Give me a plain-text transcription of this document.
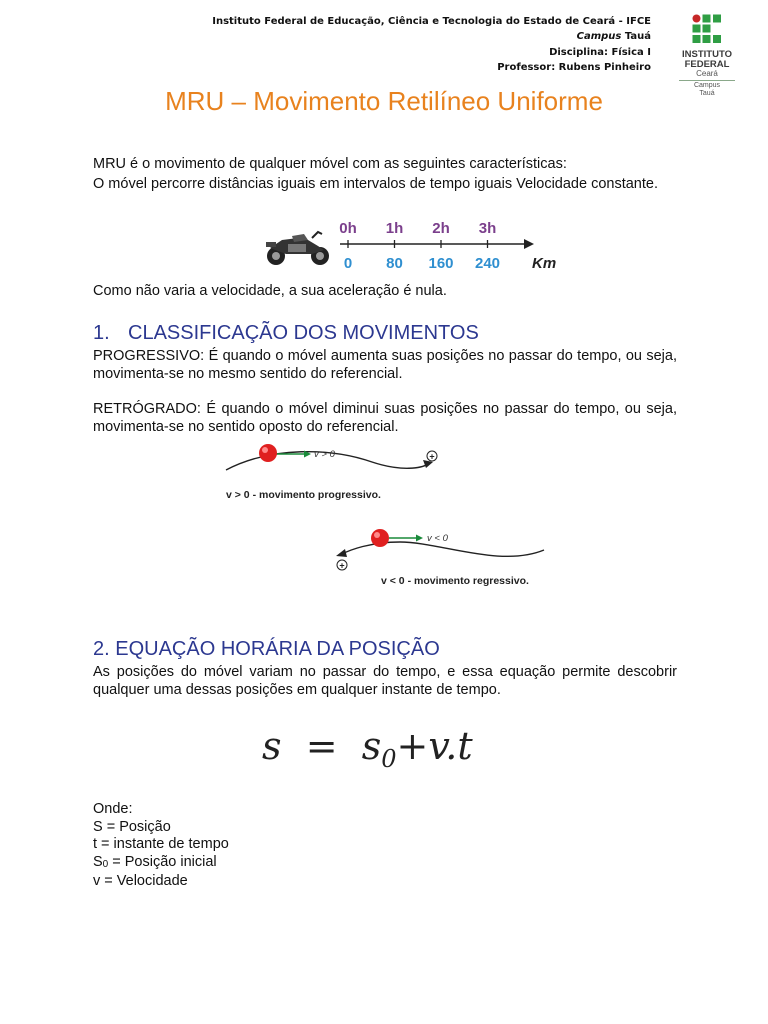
Instituto Federal de Educação, Ciência e Tecnologia do Estado de Ceará - IFCE
Campus Tauá
Disciplina: Física I
Professor: Rubens Pinheiro
INSTITUTO
FEDERAL
Ceará
Campus
Tauá
MRU – Movimento Retilíneo Uniforme
MRU é o movimento de qualquer móvel com as seguintes características:
O móvel percorre distâncias iguais em intervalos de tempo iguais Velocidade constante.
0h
0
1h
80
2h
160
3h
240 Km
Como não varia a velocidade, a sua aceleração é nula.
1. CLASSIFICAÇÃO DOS MOVIMENTOS
PROGRESSIVO: É quando o móvel aumenta suas posições no passar do tempo, ou seja, movimenta-se no mesmo sentido do referencial.
RETRÓGRADO: É quando o móvel diminui suas posições no passar do tempo, ou seja, movimenta-se no sentido oposto do referencial.
v > 0	+
v > 0 - movimento progressivo.
v < 0
+
v < 0 - movimento regressivo.
2. EQUAÇÃO HORÁRIA DA POSIÇÃO
As posições do móvel variam no passar do tempo, e essa equação permite descobrir qualquer uma dessas posições em qualquer instante de tempo.
$s = s_0+v.t$
Onde:
S = Posição
t = instante de tempo
$S_0$ = Posição inicial
v = Velocidade
